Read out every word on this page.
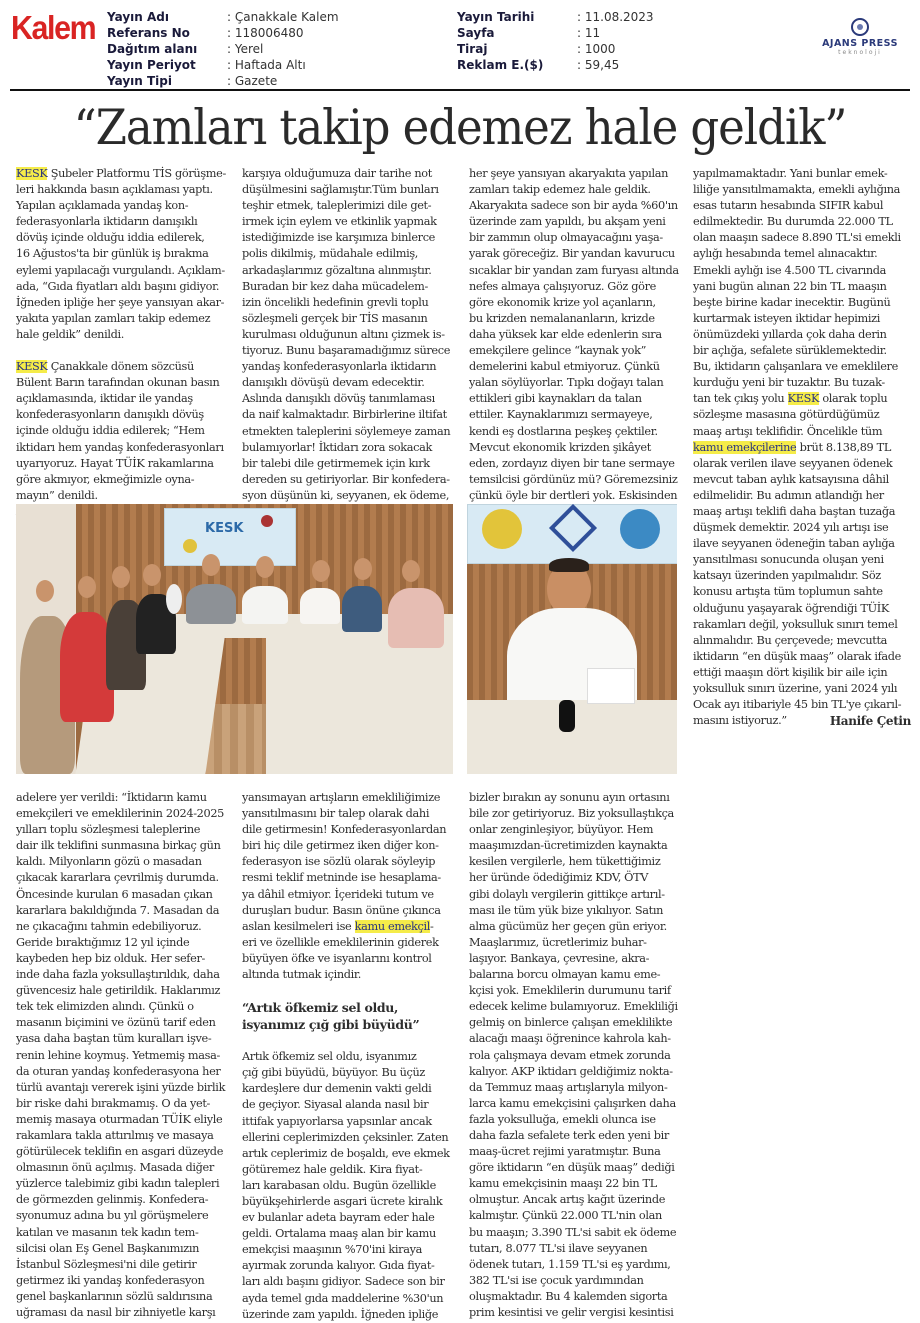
Kalem Yayın Adı	: Çanakkale Kalem
Referans No	: 118006480
Dağıtım alanı	: Yerel
Yayın Periyot	: Haftada Altı
Yayın Tipi	: Gazete
Yayın Tarihi	: 11.08.2023
Sayfa	: 11
Tiraj	: 1000
Reklam E.($)	: 59,45
AJANS PRESS
teknoloji
“Zamları takip edemez hale geldik”

KESK Şubeler Platformu TİS görüşme-
leri hakkında basın açıklaması yaptı.
Yapılan açıklamada yandaş kon-
federasyonlarla iktidarın danışıklı
dövüş içinde olduğu iddia edilerek,
16 Ağustos'ta bir günlük iş bırakma
eylemi yapılacağı vurgulandı. Açıklam-
ada, “Gıda fiyatları aldı başını gidiyor.
İğneden ipliğe her şeye yansıyan akar-
yakıta yapılan zamları takip edemez
hale geldik” denildi.

KESK Çanakkale dönem sözcüsü
Bülent Barın tarafından okunan basın
açıklamasında, iktidar ile yandaş
konfederasyonların danışıklı dövüş
içinde olduğu iddia edilerek; “Hem
iktidarı hem yandaş konfederasyonları
uyarıyoruz. Hayat TÜİK rakamlarına
göre akmıyor, ekmeğimizle oyna-
mayın” denildi.

karşıya olduğumuza dair tarihe not
düşülmesini sağlamıştır.Tüm bunları
teşhir etmek, taleplerimizi dile get-
irmek için eylem ve etkinlik yapmak
istediğimizde ise karşımıza binlerce
polis dikilmiş, müdahale edilmiş,
arkadaşlarımız gözaltına alınmıştır.
Buradan bir kez daha mücadelem-
izin öncelikli hedefinin grevli toplu
sözleşmeli gerçek bir TİS masanın
kurulması olduğunun altını çizmek is-
tiyoruz. Bunu başaramadığımız sürece
yandaş konfederasyonlarla iktidarın
danışıklı dövüşü devam edecektir.
Aslında danışıklı dövüş tanımlaması
da naif kalmaktadır. Birbirlerine iltifat
etmekten taleplerini söylemeye zaman
bulamıyorlar! İktidarı zora sokacak
bir talebi dile getirmemek için kırk
dereden su getiriyorlar. Bir konfedera-
syon düşünün ki, seyyanen, ek ödeme,

her şeye yansıyan akaryakıta yapılan
zamları takip edemez hale geldik.
Akaryakıta sadece son bir ayda %60'ın
üzerinde zam yapıldı, bu akşam yeni
bir zammın olup olmayacağını yaşa-
yarak göreceğiz. Bir yandan kavurucu
sıcaklar bir yandan zam furyası altında
nefes almaya çalışıyoruz. Göz göre
göre ekonomik krize yol açanların,
bu krizden nemalananların, krizde
daha yüksek kar elde edenlerin sıra
emekçilere gelince “kaynak yok”
demelerini kabul etmiyoruz. Çünkü
yalan söylüyorlar. Tıpkı doğayı talan
ettikleri gibi kaynakları da talan
ettiler. Kaynaklarımızı sermayeye,
kendi eş dostlarına peşkeş çektiler.
Mevcut ekonomik krizden şikâyet
eden, zordayız diyen bir tane sermaye
temsilcisi gördünüz mü? Göremezsiniz
çünkü öyle bir dertleri yok. Eskisinden

yapılmamaktadır. Yani bunlar emek-
liliğe yansıtılmamakta, emekli aylığına
esas tutarın hesabında SIFIR kabul
edilmektedir. Bu durumda 22.000 TL
olan maaşın sadece 8.890 TL'si emekli
aylığı hesabında temel alınacaktır.
Emekli aylığı ise 4.500 TL civarında
yani bugün alınan 22 bin TL maaşın
beşte birine kadar inecektir. Bugünü
kurtarmak isteyen iktidar hepimizi
önümüzdeki yıllarda çok daha derin
bir açlığa, sefalete sürüklemektedir.
Bu, iktidarın çalışanlara ve emeklilere
kurduğu yeni bir tuzaktır. Bu tuzak-
tan tek çıkış yolu KESK olarak toplu
sözleşme masasına götürdüğümüz
maaş artışı teklifidir. Öncelikle tüm
kamu emekçilerine brüt 8.138,89 TL
olarak verilen ilave seyyanen ödenek
mevcut taban aylık katsayısına dâhil
edilmelidir. Bu adımın atlandığı her
maaş artışı teklifi daha baştan tuzağa
düşmek demektir. 2024 yılı artışı ise
ilave seyyanen ödeneğin taban aylığa
yansıtılması sonucunda oluşan yeni
katsayı üzerinden yapılmalıdır. Söz
konusu artışta tüm toplumun sahte
olduğunu yaşayarak öğrendiği TÜİK
rakamları değil, yoksulluk sınırı temel
alınmalıdır. Bu çerçevede; mevcutta
iktidarın “en düşük maaş” olarak ifade
ettiği maaşın dört kişilik bir aile için
yoksulluk sınırı üzerine, yani 2024 yılı
Ocak ayı itibariyle 45 bin TL'ye çıkarıl-
masını istiyoruz.”	Hanife Çetin

KESK

adelere yer verildi: “İktidarın kamu
emekçileri ve emeklilerinin 2024-2025
yılları toplu sözleşmesi taleplerine
dair ilk teklifini sunmasına birkaç gün
kaldı. Milyonların gözü o masadan
çıkacak kararlara çevrilmiş durumda.
Öncesinde kurulan 6 masadan çıkan
kararlara bakıldığında 7. Masadan da
ne çıkacağını tahmin edebiliyoruz.
Geride bıraktığımız 12 yıl içinde
kaybeden hep biz olduk. Her sefer-
inde daha fazla yoksullaştırıldık, daha
güvencesiz hale getirildik. Haklarımız
tek tek elimizden alındı. Çünkü o
masanın biçimini ve özünü tarif eden
yasa daha baştan tüm kuralları işve-
renin lehine koymuş. Yetmemiş masa-
da oturan yandaş konfederasyona her
türlü avantajı vererek işini yüzde birlik
bir riske dahi bırakmamış. O da yet-
memiş masaya oturmadan TÜİK eliyle
rakamlara takla attırılmış ve masaya
götürülecek teklifin en asgari düzeyde
olmasının önü açılmış. Masada diğer
yüzlerce talebimiz gibi kadın talepleri
de görmezden gelinmiş. Konfedera-
syonumuz adına bu yıl görüşmelere
katılan ve masanın tek kadın tem-
silcisi olan Eş Genel Başkanımızın
İstanbul Sözleşmesi'ni dile getirir
getirmez iki yandaş konfederasyon
genel başkanlarının sözlü saldırısına
uğraması da nasıl bir zihniyetle karşı

yansımayan artışların emekliliğimize
yansıtılmasını bir talep olarak dahi
dile getirmesin! Konfederasyonlardan
biri hiç dile getirmez iken diğer kon-
federasyon ise sözlü olarak söyleyip
resmi teklif metninde ise hesaplama-
ya dâhil etmiyor. İçerideki tutum ve
duruşları budur. Basın önüne çıkınca
aslan kesilmeleri ise kamu emekçil-
eri ve özellikle emeklilerinin giderek
büyüyen öfke ve isyanlarını kontrol
altında tutmak içindir.

“Artık öfkemiz sel oldu,
isyanımız çığ gibi büyüdü”

Artık öfkemiz sel oldu, isyanımız
çığ gibi büyüdü, büyüyor. Bu üçüz
kardeşlere dur demenin vakti geldi
de geçiyor. Siyasal alanda nasıl bir
ittifak yapıyorlarsa yapsınlar ancak
ellerini ceplerimizden çeksinler. Zaten
artık ceplerimiz de boşaldı, eve ekmek
götüremez hale geldik. Kira fiyat-
ları karabasan oldu. Bugün özellikle
büyükşehirlerde asgari ücrete kiralık
ev bulanlar adeta bayram eder hale
geldi. Ortalama maaş alan bir kamu
emekçisi maaşının %70'ini kiraya
ayırmak zorunda kalıyor. Gıda fiyat-
ları aldı başını gidiyor. Sadece son bir
ayda temel gıda maddelerine %30'un
üzerinde zam yapıldı. İğneden ipliğe

bizler bırakın ay sonunu ayın ortasını
bile zor getiriyoruz. Biz yoksullaştıkça
onlar zenginleşiyor, büyüyor. Hem
maaşımızdan-ücretimizden kaynakta
kesilen vergilerle, hem tükettiğimiz
her üründe ödediğimiz KDV, ÖTV
gibi dolaylı vergilerin gittikçe artırıl-
ması ile tüm yük bize yıkılıyor. Satın
alma gücümüz her geçen gün eriyor.
Maaşlarımız, ücretlerimiz buhar-
laşıyor. Bankaya, çevresine, akra-
balarına borcu olmayan kamu eme-
kçisi yok. Emeklilerin durumunu tarif
edecek kelime bulamıyoruz. Emekliliği
gelmiş on binlerce çalışan emeklilikte
alacağı maaşı öğrenince kahrola kah-
rola çalışmaya devam etmek zorunda
kalıyor. AKP iktidarı geldiğimiz nokta-
da Temmuz maaş artışlarıyla milyon-
larca kamu emekçisini çalışırken daha
fazla yoksulluğa, emekli olunca ise
daha fazla sefalete terk eden yeni bir
maaş-ücret rejimi yaratmıştır. Buna
göre iktidarın “en düşük maaş” dediği
kamu emekçisinin maaşı 22 bin TL
olmuştur. Ancak artış kağıt üzerinde
kalmıştır. Çünkü 22.000 TL'nin olan
bu maaşın; 3.390 TL'si sabit ek ödeme
tutarı, 8.077 TL'si ilave seyyanen
ödenek tutarı, 1.159 TL'si eş yardımı,
382 TL'si ise çocuk yardımından
oluşmaktadır. Bu 4 kalemden sigorta
prim kesintisi ve gelir vergisi kesintisi
